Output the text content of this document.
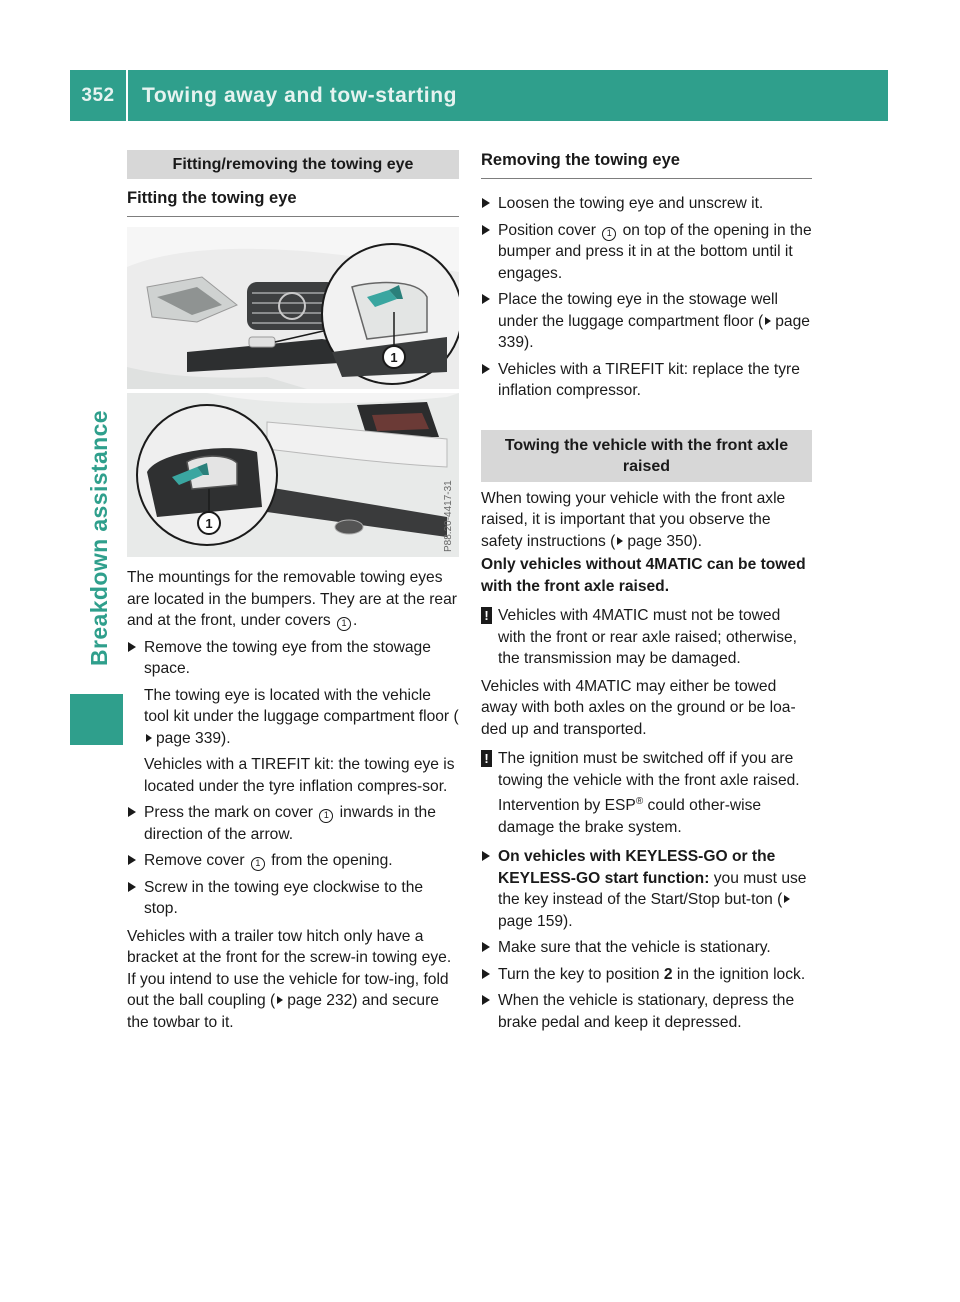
352	Towing away and tow-starting
Breakdown assistance
Fitting/removing the towing eye
Fitting the towing eye
1
1	P88.20-4417-31

The mountings for the removable towing eyes are located in the bumpers. They are at the rear and at the front, under covers 1 .

Remove the towing eye from the stowage space.

The towing eye is located with the vehicle tool kit under the luggage compartment floor (page 339).

Vehicles with a TIREFIT kit: the towing eye is located under the tyre inflation compres-sor.

Press the mark on cover 1 inwards in the direction of the arrow.
Remove cover 1 from the opening.
Screw in the towing eye clockwise to the stop.

Vehicles with a trailer tow hitch only have a bracket at the front for the screw-in towing eye. If you intend to use the vehicle for tow-ing, fold out the ball coupling ( page 232) and secure the towbar to it.

Removing the towing eye
Loosen the towing eye and unscrew it.
Position cover 1 on top of the opening in the bumper and press it in at the bottom until it engages.
Place the towing eye in the stowage well under the luggage compartment floor ( page 339).
Vehicles with a TIREFIT kit: replace the tyre inflation compressor.
Towing the vehicle with the front axle raised

When towing your vehicle with the front axle raised, it is important that you observe the safety instructions ( page 350).

Only vehicles without 4MATIC can be towed with the front axle raised.

! Vehicles with 4MATIC must not be towed with the front or rear axle raised; otherwise, the transmission may be damaged.

Vehicles with 4MATIC may either be towed away with both axles on the ground or be loa-ded up and transported.

! The ignition must be switched off if you are towing the vehicle with the front axle raised. Intervention by ESP® could other-wise damage the brake system.
On vehicles with KEYLESS-GO or the KEYLESS-GO start function: you must use the key instead of the Start/Stop but-ton (page 159).
Make sure that the vehicle is stationary.
Turn the key to position 2 in the ignition lock.
When the vehicle is stationary, depress the brake pedal and keep it depressed.
